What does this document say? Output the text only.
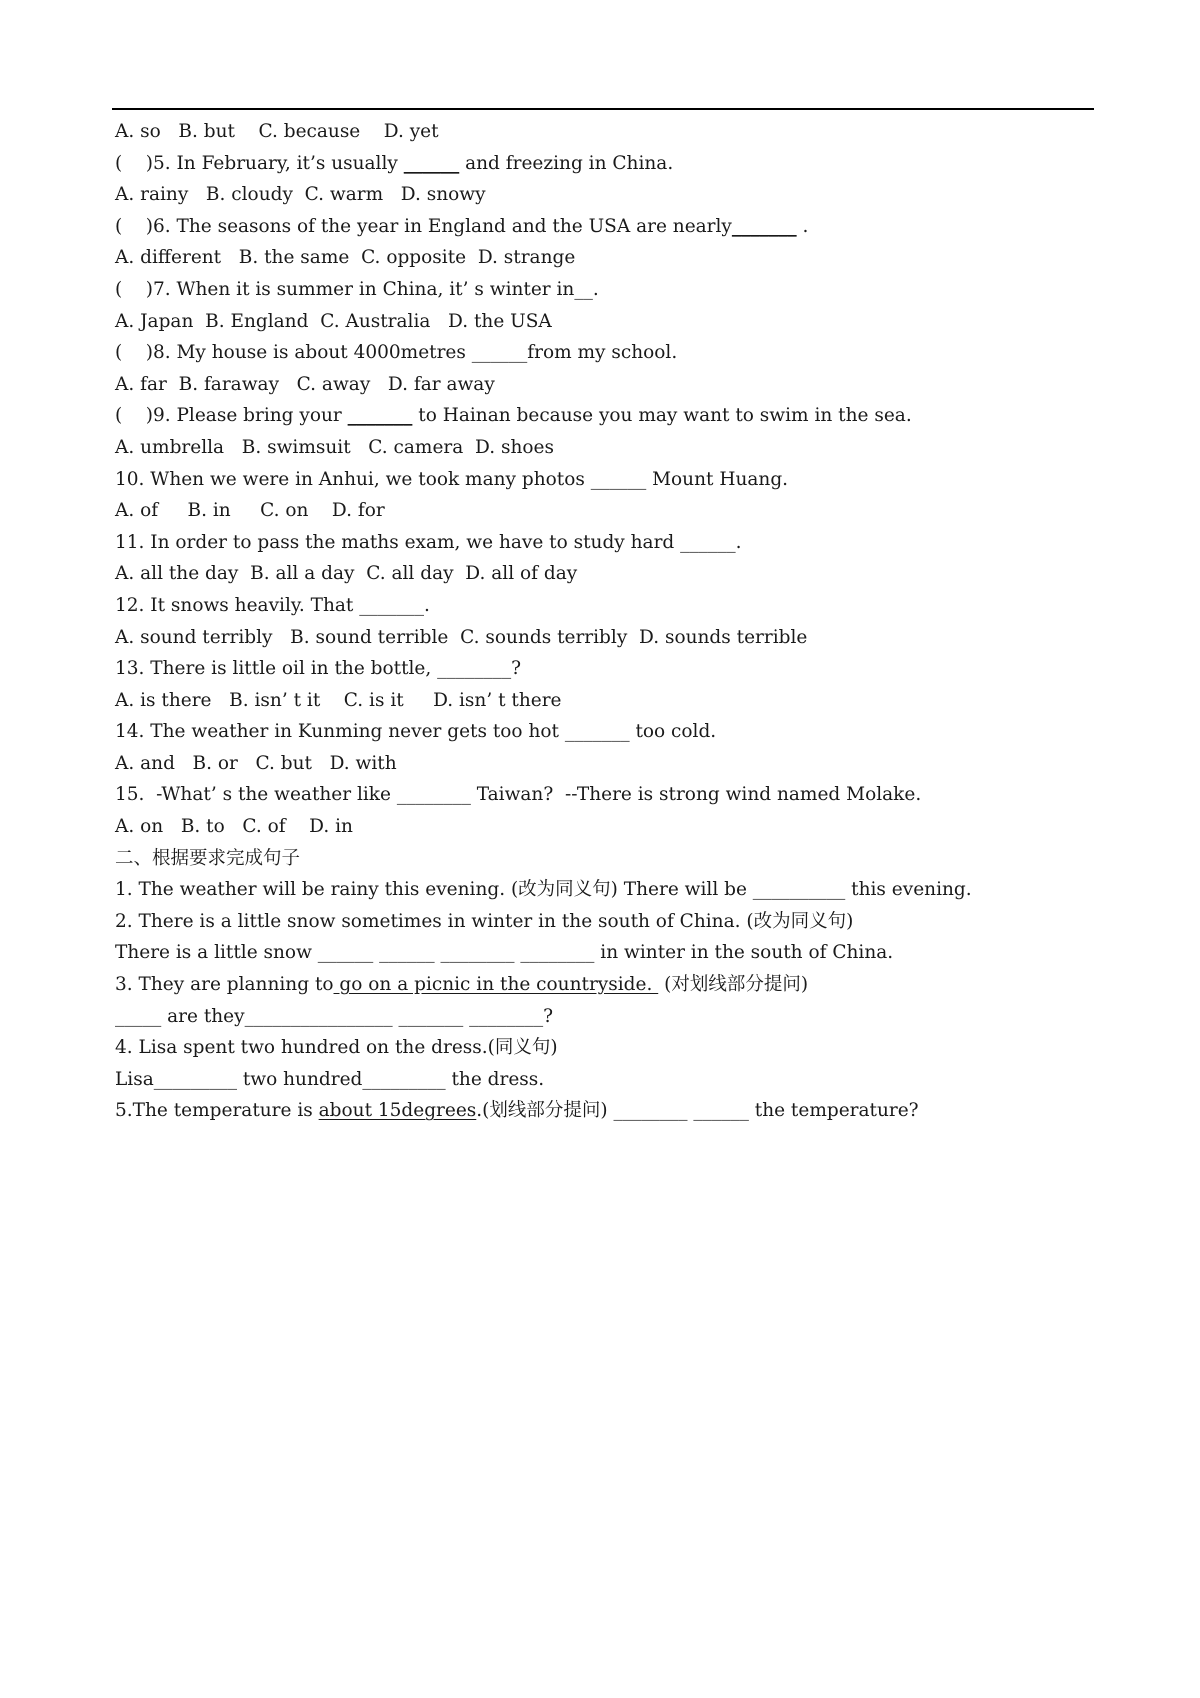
A. so   B. but    C. because    D. yet
(    )5. In February, it’s usually ______ and freezing in China.
A. rainy   B. cloudy  C. warm   D. snowy
(    )6. The seasons of the year in England and the USA are nearly_______ .
A. different   B. the same  C. opposite  D. strange
(    )7. When it is summer in China, it’ s winter in__.
A. Japan  B. England  C. Australia   D. the USA
(    )8. My house is about 4000metres ______from my school.
A. far  B. faraway   C. away   D. far away
(    )9. Please bring your _______ to Hainan because you may want to swim in the sea.
A. umbrella   B. swimsuit   C. camera  D. shoes
10. When we were in Anhui, we took many photos ______ Mount Huang.
A. of     B. in     C. on    D. for
11. In order to pass the maths exam, we have to study hard ______.
A. all the day  B. all a day  C. all day  D. all of day
12. It snows heavily. That _______.
A. sound terribly   B. sound terrible  C. sounds terribly  D. sounds terrible
13. There is little oil in the bottle, ________?
A. is there   B. isn’ t it    C. is it     D. isn’ t there
14. The weather in Kunming never gets too hot _______ too cold.
A. and   B. or   C. but   D. with
15.  -What’ s the weather like ________ Taiwan?  --There is strong wind named Molake.
A. on   B. to   C. of    D. in
二、根据要求完成句子
1. The weather will be rainy this evening. (改为同义句) There will be __________ this evening.
2. There is a little snow sometimes in winter in the south of China. (改为同义句)
There is a little snow ______ ______ ________ ________ in winter in the south of China.
3. They are planning to go on a picnic in the countryside.  (对划线部分提问)
_____ are they________________ _______ ________?
4. Lisa spent two hundred on the dress.(同义句)
Lisa_________ two hundred_________ the dress.
5.The temperature is about 15degrees.(划线部分提问) ________ ______ the temperature?
